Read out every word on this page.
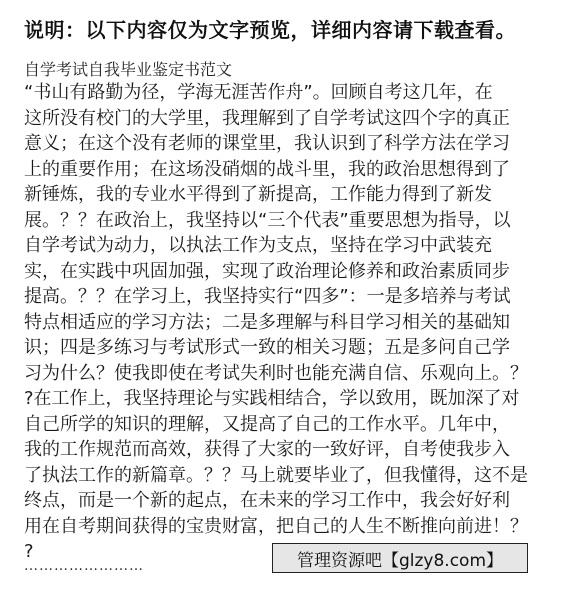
说明：以下内容仅为文字预览，详细内容请下载查看。
自学考试自我毕业鉴定书范文
“书山有路勤为径，学海无涯苦作舟”。回顾自考这几年，在
这所没有校门的大学里，我理解到了自学考试这四个字的真正
意义；在这个没有老师的课堂里，我认识到了科学方法在学习
上的重要作用；在这场没硝烟的战斗里，我的政治思想得到了
新锤炼，我的专业水平得到了新提高，工作能力得到了新发
展。？？在政治上，我坚持以“三个代表”重要思想为指导，以
自学考试为动力，以执法工作为支点，坚持在学习中武装充
实，在实践中巩固加强，实现了政治理论修养和政治素质同步
提高。？？在学习上，我坚持实行“四多”：一是多培养与考试
特点相适应的学习方法；二是多理解与科目学习相关的基础知
识；四是多练习与考试形式一致的相关习题；五是多问自己学
习为什么？使我即使在考试失利时也能充满自信、乐观向上。？
?在工作上，我坚持理论与实践相结合，学以致用，既加深了对
自己所学的知识的理解，又提高了自己的工作水平。几年中，
我的工作规范而高效，获得了大家的一致好评，自考使我步入
了执法工作的新篇章。？？马上就要毕业了，但我懂得，这不是
终点，而是一个新的起点，在未来的学习工作中，我会好好利
用在自考期间获得的宝贵财富，把自己的人生不断推向前进！？
?
……………………	管理资源吧【glzy8.com】
